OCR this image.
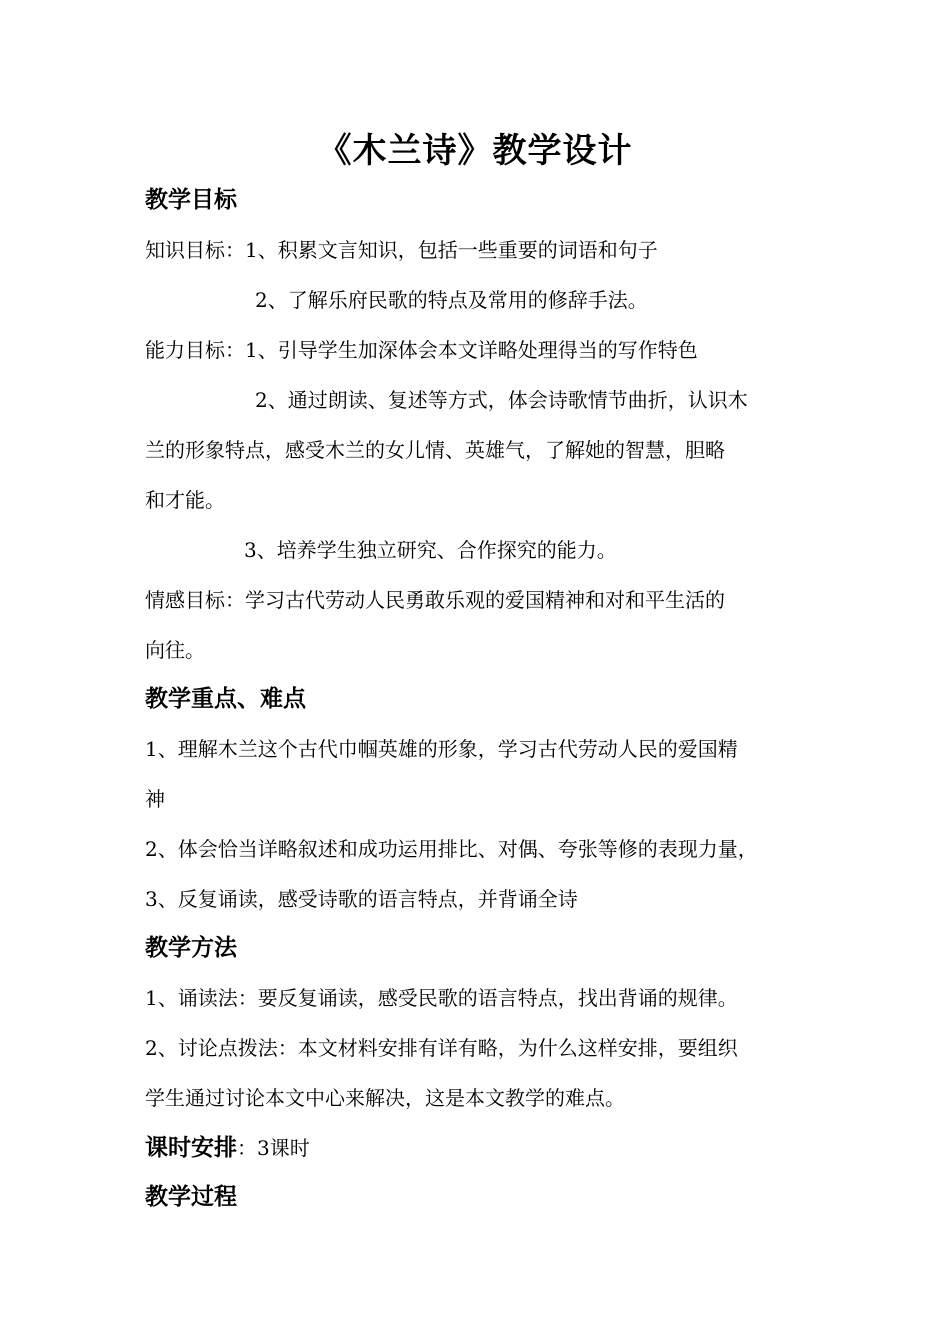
《木兰诗》教学设计
教学目标
知识目标：1、积累文言知识，包括一些重要的词语和句子
2、了解乐府民歌的特点及常用的修辞手法。
能力目标：1、引导学生加深体会本文详略处理得当的写作特色
2、通过朗读、复述等方式，体会诗歌情节曲折，认识木
兰的形象特点，感受木兰的女儿情、英雄气，了解她的智慧，胆略
和才能。
3、培养学生独立研究、合作探究的能力。
情感目标：学习古代劳动人民勇敢乐观的爱国精神和对和平生活的
向往。
教学重点、难点
1、理解木兰这个古代巾帼英雄的形象，学习古代劳动人民的爱国精
神
2、体会恰当详略叙述和成功运用排比、对偶、夸张等修的表现力量，
3、反复诵读，感受诗歌的语言特点，并背诵全诗
教学方法
1、诵读法：要反复诵读，感受民歌的语言特点，找出背诵的规律。
2、讨论点拨法：本文材料安排有详有略，为什么这样安排，要组织
学生通过讨论本文中心来解决，这是本文教学的难点。
课时安排：3课时
教学过程
